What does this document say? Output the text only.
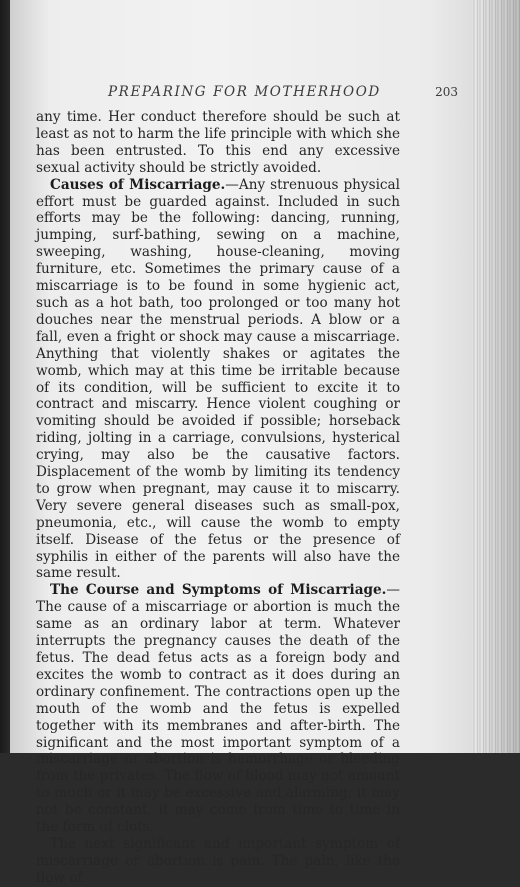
PREPARING FOR MOTHERHOOD	203

any time. Her conduct therefore should be such at least as not to harm the life principle with which she has been entrusted. To this end any excessive sexual activity should be strictly avoided.

Causes of Miscarriage.—Any strenuous physical effort must be guarded against. Included in such efforts may be the following: dancing, running, jumping, surf-bathing, sewing on a machine, sweeping, washing, house-cleaning, moving furniture, etc. Sometimes the primary cause of a miscarriage is to be found in some hygienic act, such as a hot bath, too prolonged or too many hot douches near the menstrual periods. A blow or a fall, even a fright or shock may cause a miscarriage. Anything that violently shakes or agitates the womb, which may at this time be irritable because of its condition, will be sufficient to excite it to contract and miscarry. Hence violent coughing or vomiting should be avoided if possible; horseback riding, jolting in a carriage, convulsions, hysterical crying, may also be the causative factors. Displacement of the womb by limiting its tendency to grow when pregnant, may cause it to miscarry. Very severe general diseases such as small-pox, pneumonia, etc., will cause the womb to empty itself. Disease of the fetus or the presence of syphilis in either of the parents will also have the same result.

The Course and Symptoms of Miscarriage.—The cause of a miscarriage or abortion is much the same as an ordinary labor at term. Whatever interrupts the pregnancy causes the death of the fetus. The dead fetus acts as a foreign body and excites the womb to contract as it does during an ordinary confinement. The contractions open up the mouth of the womb and the fetus is expelled together with its membranes and after-birth. The significant and the most important symptom of a miscarriage or abortion is hemorrhage or bleeding from the privates. The flow of blood may not amount to much or it may be excessive and alarming; it may not be constant, it may come from time to time in the form of clots.

The next significant and important symptom of miscarriage or abortion is pain. The pain, like the flow of
